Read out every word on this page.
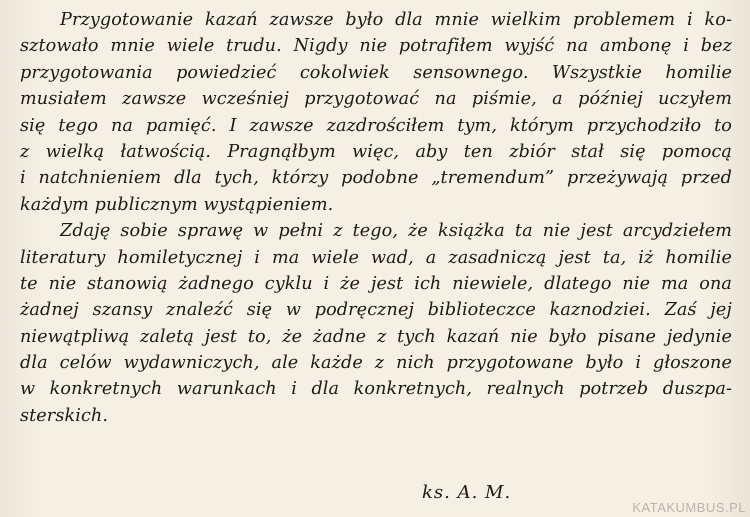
Przygotowanie kazań zawsze było dla mnie wielkim problemem i ko-
sztowało mnie wiele trudu. Nigdy nie potrafiłem wyjść na ambonę i bez
przygotowania powiedzieć cokolwiek sensownego. Wszystkie homilie
musiałem zawsze wcześniej przygotować na piśmie, a później uczyłem
się tego na pamięć. I zawsze zazdrościłem tym, którym przychodziło to
z wielką łatwością. Pragnąłbym więc, aby ten zbiór stał się pomocą
i natchnieniem dla tych, którzy podobne „tremendum” przeżywają przed
każdym publicznym wystąpieniem.
Zdaję sobie sprawę w pełni z tego, że książka ta nie jest arcydziełem
literatury homiletycznej i ma wiele wad, a zasadniczą jest ta, iż homilie
te nie stanowią żadnego cyklu i że jest ich niewiele, dlatego nie ma ona
żadnej szansy znaleźć się w podręcznej biblioteczce kaznodziei. Zaś jej
niewątpliwą zaletą jest to, że żadne z tych kazań nie było pisane jedynie
dla celów wydawniczych, ale każde z nich przygotowane było i głoszone
w konkretnych warunkach i dla konkretnych, realnych potrzeb duszpa-
sterskich.
ks. A. M.
KATAKUMBUS.PL
